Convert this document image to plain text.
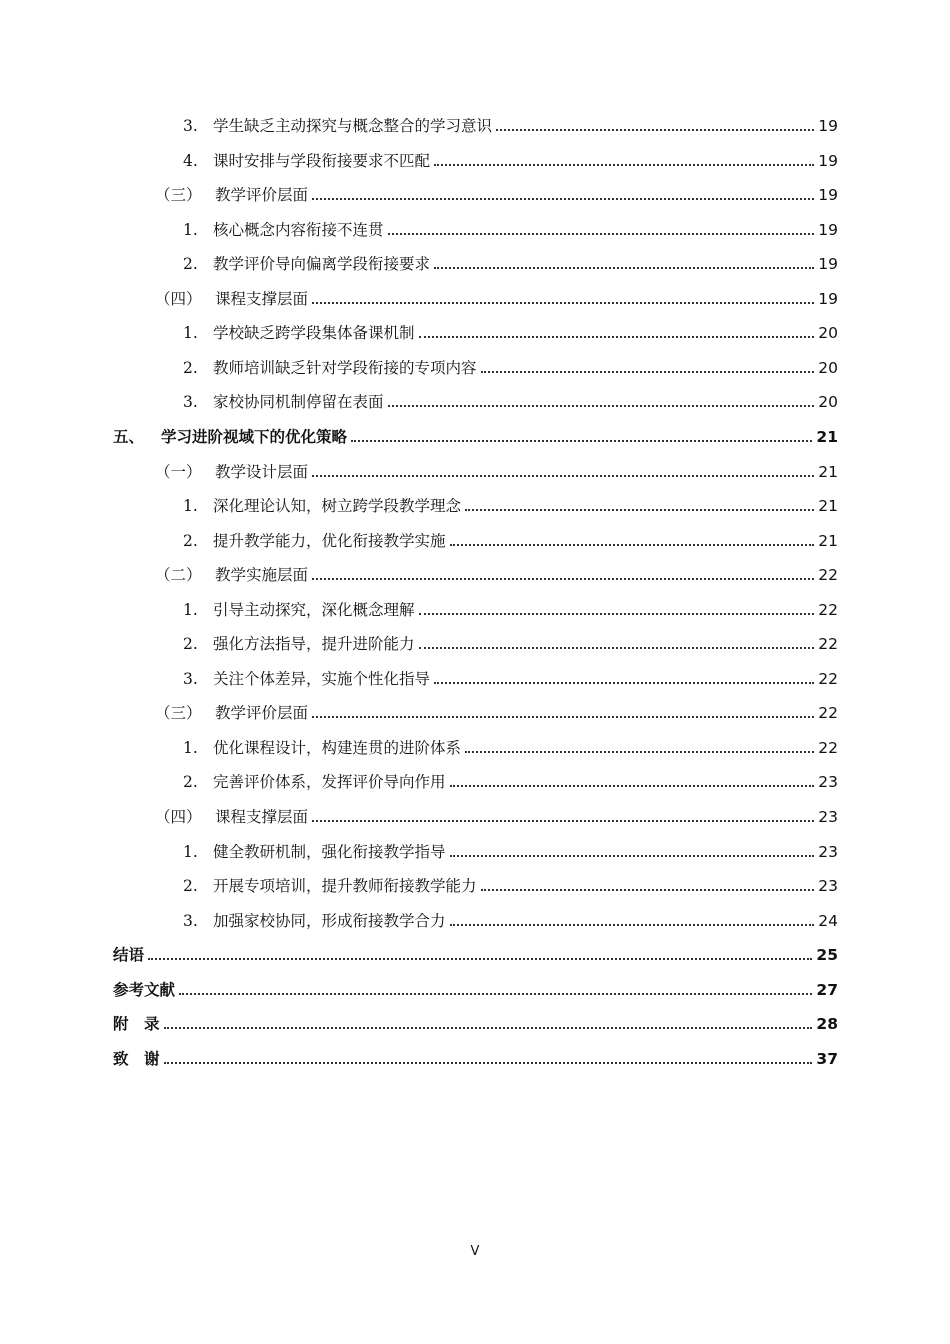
3. 学生缺乏主动探究与概念整合的学习意识	19
4. 课时安排与学段衔接要求不匹配	19
（三） 教学评价层面	19
1. 核心概念内容衔接不连贯	19
2. 教学评价导向偏离学段衔接要求	19
（四） 课程支撑层面	19
1. 学校缺乏跨学段集体备课机制	20
2. 教师培训缺乏针对学段衔接的专项内容	20
3. 家校协同机制停留在表面	20
五、	学习进阶视域下的优化策略	21
（一） 教学设计层面	21
1. 深化理论认知，树立跨学段教学理念	21
2. 提升教学能力，优化衔接教学实施	21
（二） 教学实施层面	22
1. 引导主动探究，深化概念理解	22
2. 强化方法指导，提升进阶能力	22
3. 关注个体差异，实施个性化指导	22
（三） 教学评价层面	22
1. 优化课程设计，构建连贯的进阶体系	22
2. 完善评价体系，发挥评价导向作用	23
（四） 课程支撑层面	23
1. 健全教研机制，强化衔接教学指导	23
2. 开展专项培训，提升教师衔接教学能力	23
3. 加强家校协同，形成衔接教学合力	24
结语	25
参考文献	27
附　录	28
致　谢	37
V
